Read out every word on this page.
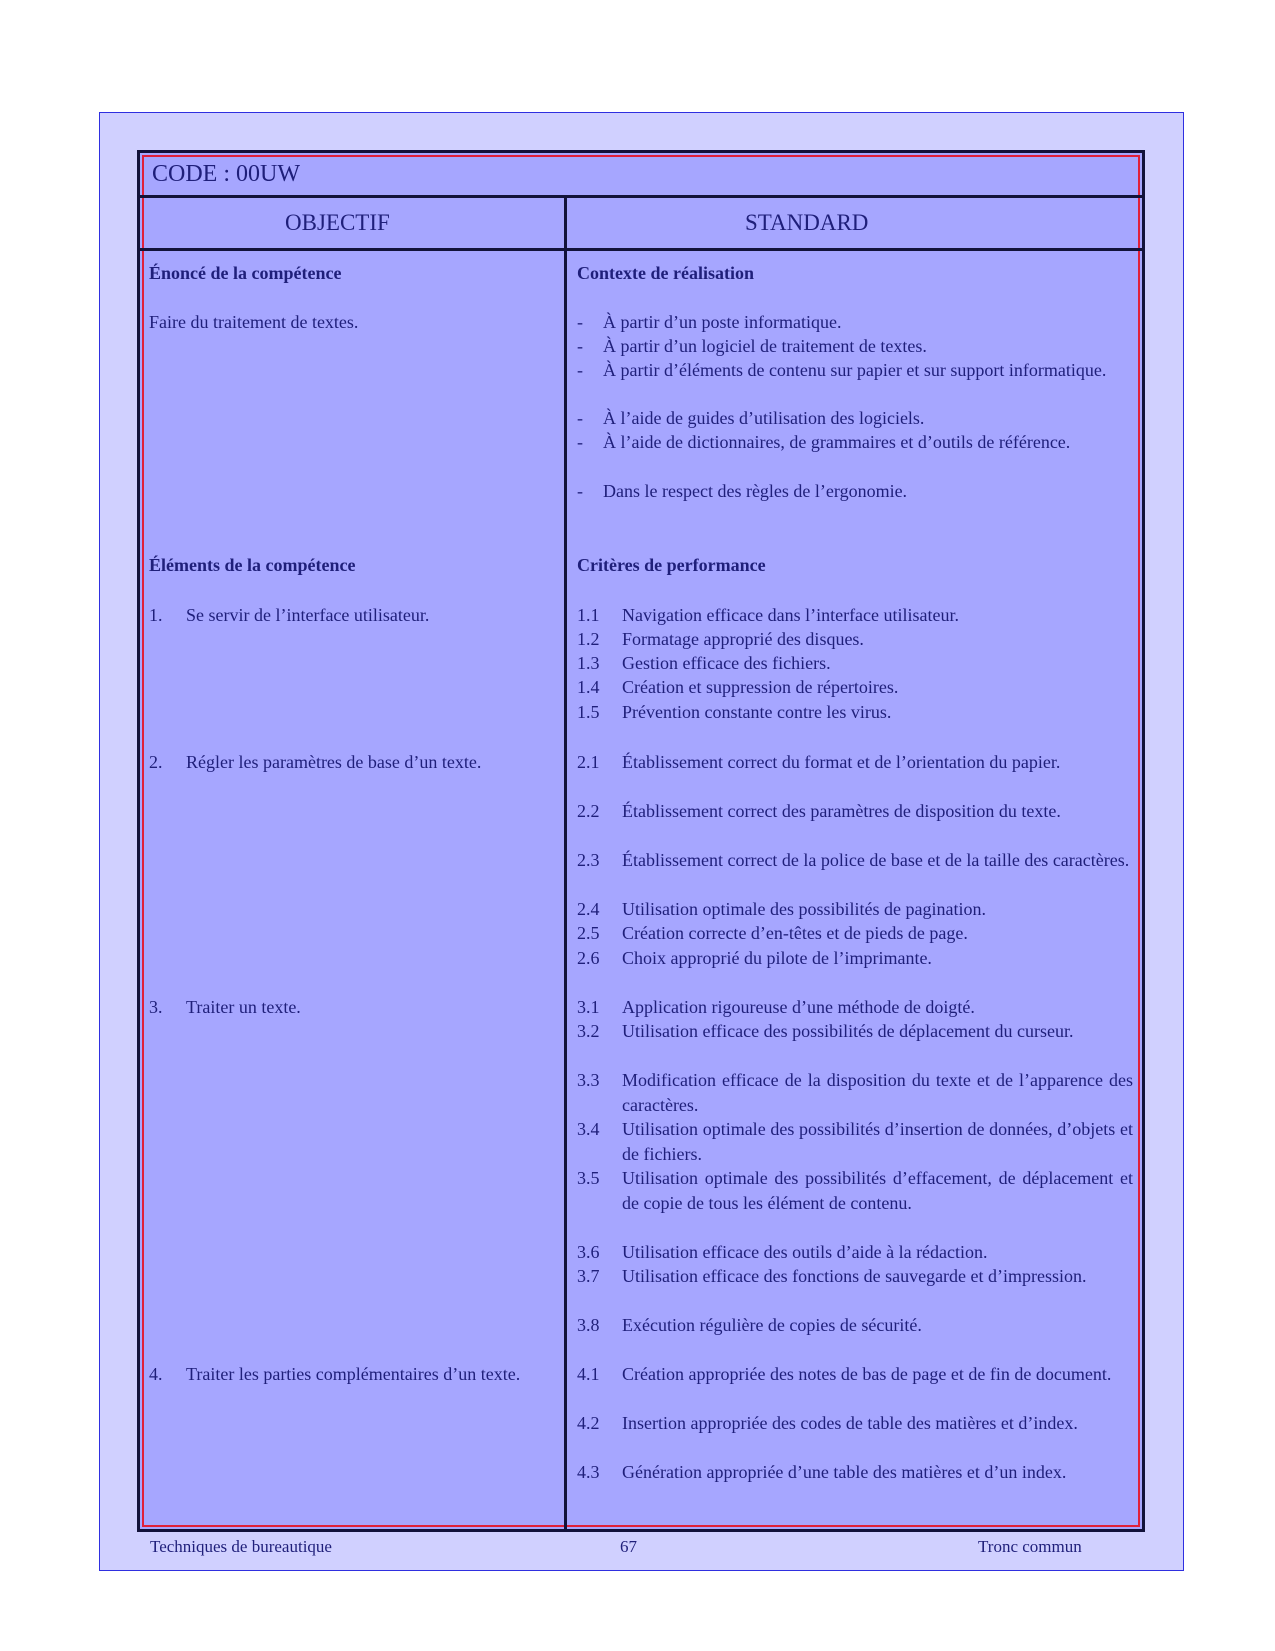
CODE : 00UW
OBJECTIF	STANDARD
Énoncé de la compétence	Contexte de réalisation
Faire du traitement de textes.	- À partir d’un poste informatique.
- À partir d’un logiciel de traitement de textes.
- À partir d’éléments de contenu sur papier et sur support informatique.
- À l’aide de guides d’utilisation des logiciels.
- À l’aide de dictionnaires, de grammaires et d’outils de référence.
- Dans le respect des règles de l’ergonomie.
Éléments de la compétence	Critères de performance
1. Se servir de l’interface utilisateur.	1.1 Navigation efficace dans l’interface utilisateur.
1.2 Formatage approprié des disques.
1.3 Gestion efficace des fichiers.
1.4 Création et suppression de répertoires.
1.5 Prévention constante contre les virus.
2. Régler les paramètres de base d’un texte.	2.1 Établissement correct du format et de l’orientation du papier.
2.2 Établissement correct des paramètres de disposition du texte.
2.3 Établissement correct de la police de base et de la taille des caractères.
2.4 Utilisation optimale des possibilités de pagination.
2.5 Création correcte d’en-têtes et de pieds de page.
2.6 Choix approprié du pilote de l’imprimante.
3. Traiter un texte.	3.1 Application rigoureuse d’une méthode de doigté.
3.2 Utilisation efficace des possibilités de déplacement du curseur.
3.3 Modification efficace de la disposition du texte et de l’apparence des caractères.
3.4 Utilisation optimale des possibilités d’insertion de données, d’objets et de fichiers.
3.5 Utilisation optimale des possibilités d’effacement, de déplacement et de copie de tous les élément de contenu.
3.6 Utilisation efficace des outils d’aide à la rédaction.
3.7 Utilisation efficace des fonctions de sauvegarde et d’impression.
3.8 Exécution régulière de copies de sécurité.
4. Traiter les parties complémentaires d’un texte.	4.1 Création appropriée des notes de bas de page et de fin de document.
4.2 Insertion appropriée des codes de table des matières et d’index.
4.3 Génération appropriée d’une table des matières et d’un index.
Techniques de bureautique	67	Tronc commun
